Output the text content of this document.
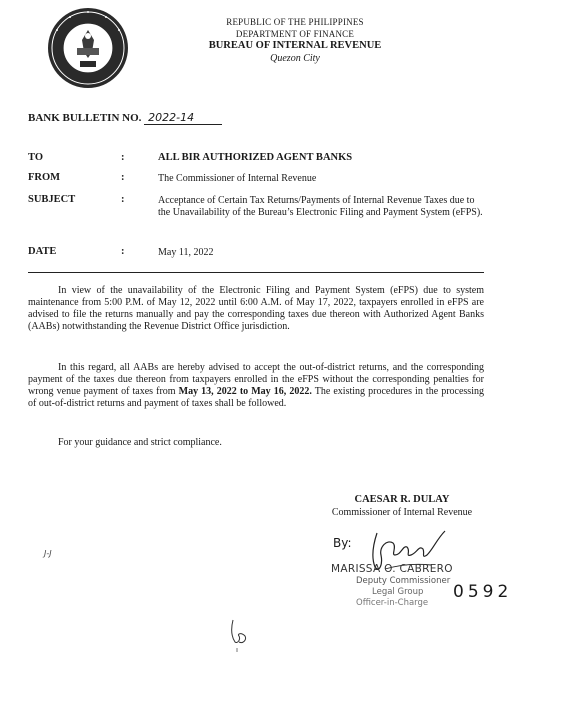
REPUBLIC OF THE PHILIPPINES
DEPARTMENT OF FINANCE
BUREAU OF INTERNAL REVENUE
Quezon City
BANK BULLETIN NO. 2022-14
TO	:	ALL BIR AUTHORIZED AGENT BANKS
FROM	:	The Commissioner of Internal Revenue
SUBJECT	:	Acceptance of Certain Tax Returns/Payments of Internal Revenue Taxes due to the Unavailability of the Bureau’s Electronic Filing and Payment System (eFPS).
DATE	:	May 11, 2022
In view of the unavailability of the Electronic Filing and Payment System (eFPS) due to system maintenance from 5:00 P.M. of May 12, 2022 until 6:00 A.M. of May 17, 2022, taxpayers enrolled in eFPS are advised to file the returns manually and pay the corresponding taxes due thereon with Authorized Agent Banks (AABs) notwithstanding the Revenue District Office jurisdiction.
In this regard, all AABs are hereby advised to accept the out-of-district returns, and the corresponding payment of the taxes due thereon from taxpayers enrolled in the eFPS without the corresponding penalties for wrong venue payment of taxes from May 13, 2022 to May 16, 2022. The existing procedures in the processing of out-of-district returns and payment of taxes shall be followed.
For your guidance and strict compliance.
CAESAR R. DULAY
Commissioner of Internal Revenue
By:
MARISSA O. CABRERO
Deputy Commissioner
Legal Group
Officer-in-Charge
0592
J-J
